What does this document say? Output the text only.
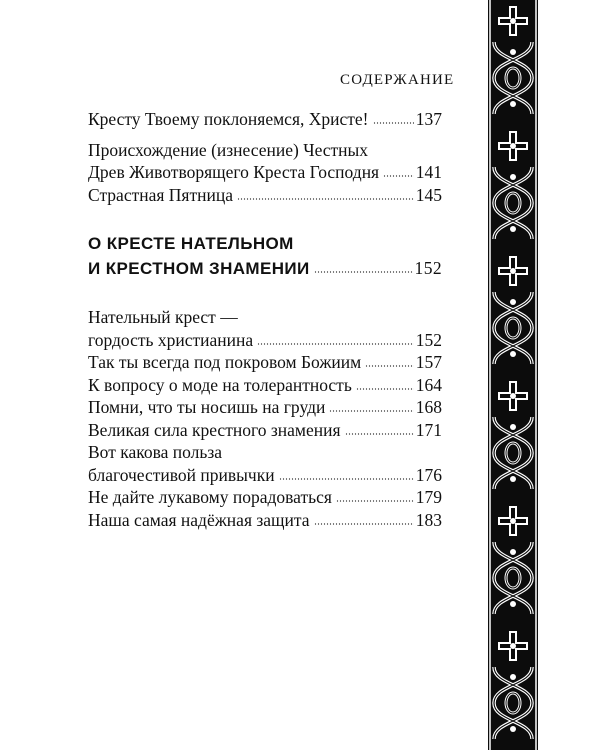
СОДЕРЖАНИЕ
Кресту Твоему поклоняемся, Христе!	137
Происхождение (изнесение) Честных
Древ Животворящего Креста Господня 141
Страстная Пятница	145
О КРЕСТЕ НАТЕЛЬНОМ
И КРЕСТНОМ ЗНАМЕНИИ	152
Нательный крест —
гордость христианина	152
Так ты всегда под покровом Божиим	157
К вопросу о моде на толерантность	164
Помни, что ты носишь на груди	168
Великая сила крестного знамения	171
Вот какова польза
благочестивой привычки	176
Не дайте лукавому порадоваться	179
Наша самая надёжная защита	183
